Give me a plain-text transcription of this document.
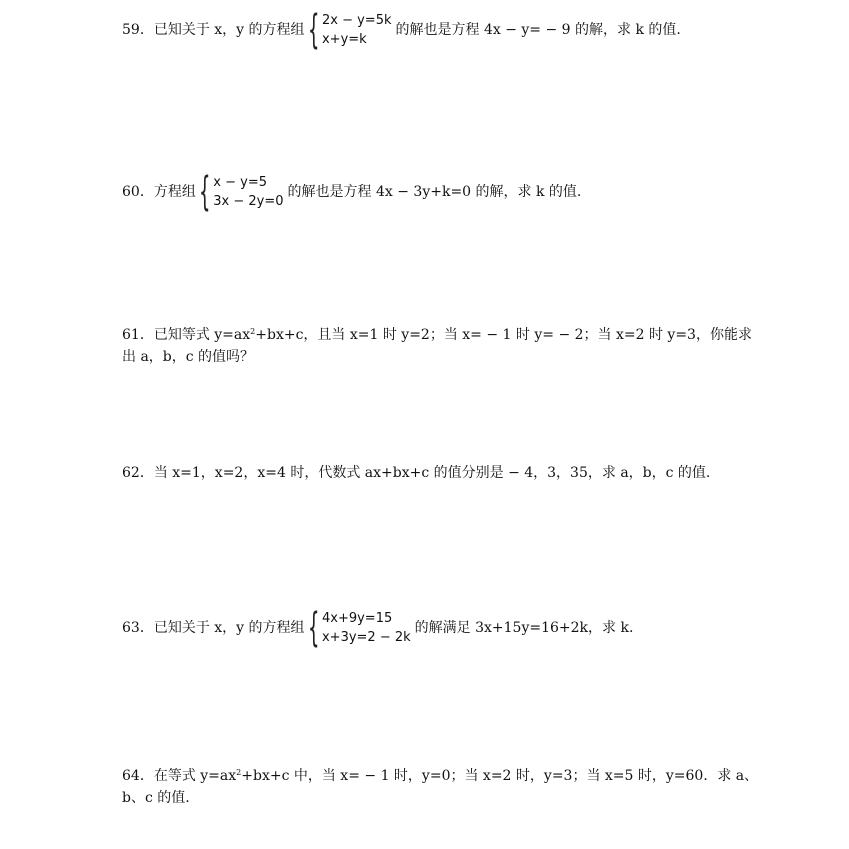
59．已知关于 x，y 的方程组 { 2x − y=5k
x+y=k
的解也是方程 4x − y= − 9 的解，求 k 的值.
60．方程组 { x − y=5
3x − 2y=0
的解也是方程 4x − 3y+k=0 的解，求 k 的值.
61．已知等式 $y=ax^2+bx+c$，且当 x=1 时 y=2；当 x= − 1 时 y= − 2；当 x=2 时 y=3，你能求
出 a，b，c 的值吗？
62．当 x=1，x=2，x=4 时，代数式 ax+bx+c 的值分别是 − 4，3，35，求 a，b，c 的值.
63．已知关于 x，y 的方程组 { 4x+9y=15
x+3y=2 − 2k
的解满足 3x+15y=16+2k，求 k.
64．在等式 $y=ax^2+bx+c$ 中，当 x= − 1 时，y=0；当 x=2 时，y=3；当 x=5 时，y=60．求 a、
b、c 的值.
